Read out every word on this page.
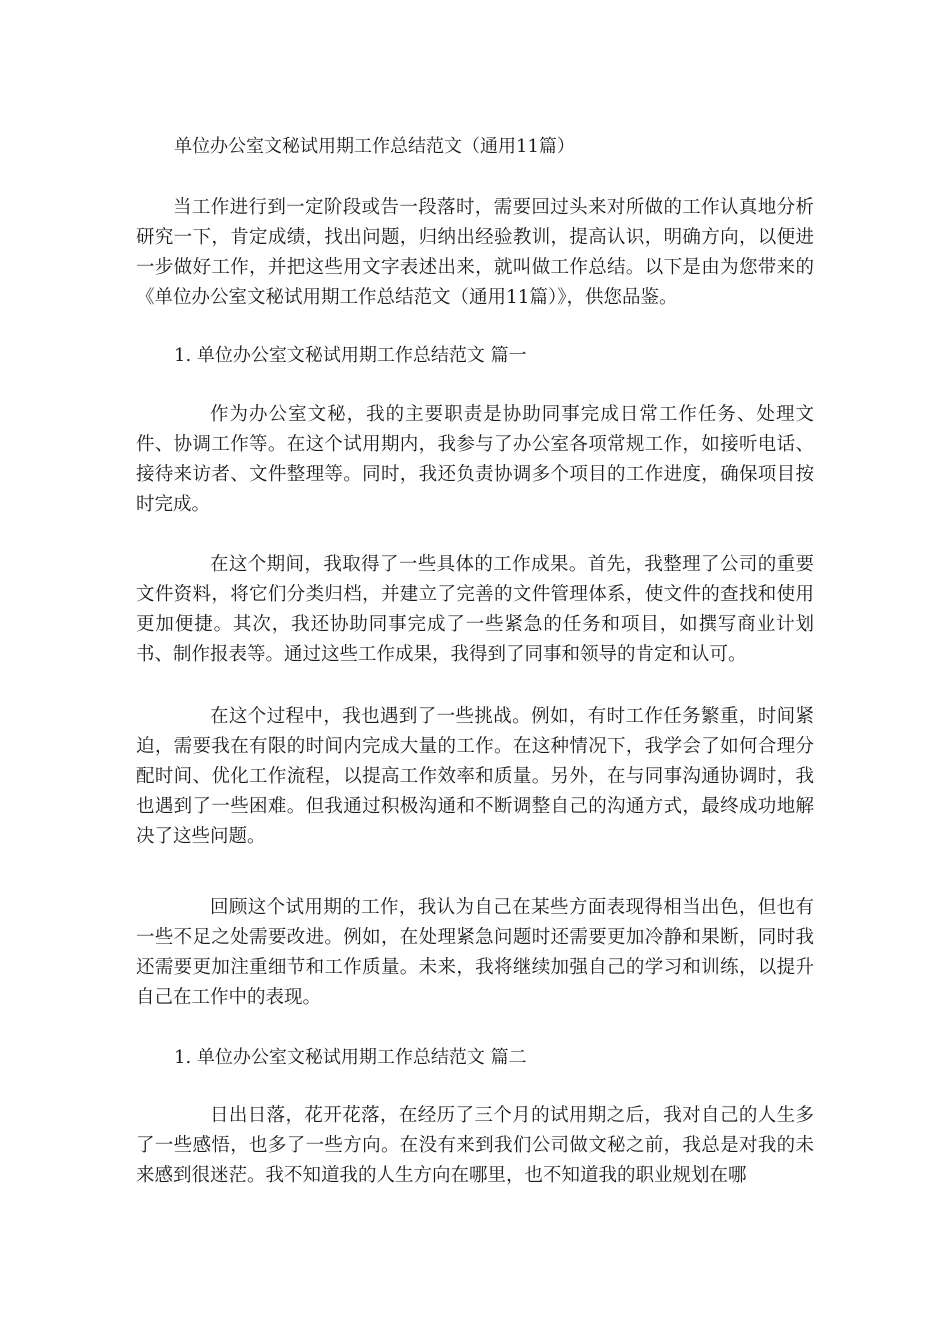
单位办公室文秘试用期工作总结范文（通用11篇）

当工作进行到一定阶段或告一段落时，需要回过头来对所做的工作认真地分析研究一下，肯定成绩，找出问题，归纳出经验教训，提高认识，明确方向，以便进一步做好工作，并把这些用文字表述出来，就叫做工作总结。以下是由为您带来的《单位办公室文秘试用期工作总结范文（通用11篇）》，供您品鉴。

1. 单位办公室文秘试用期工作总结范文 篇一

作为办公室文秘，我的主要职责是协助同事完成日常工作任务、处理文件、协调工作等。在这个试用期内，我参与了办公室各项常规工作，如接听电话、接待来访者、文件整理等。同时，我还负责协调多个项目的工作进度，确保项目按时完成。

在这个期间，我取得了一些具体的工作成果。首先，我整理了公司的重要文件资料，将它们分类归档，并建立了完善的文件管理体系，使文件的查找和使用更加便捷。其次，我还协助同事完成了一些紧急的任务和项目，如撰写商业计划书、制作报表等。通过这些工作成果，我得到了同事和领导的肯定和认可。

在这个过程中，我也遇到了一些挑战。例如，有时工作任务繁重，时间紧迫，需要我在有限的时间内完成大量的工作。在这种情况下，我学会了如何合理分配时间、优化工作流程，以提高工作效率和质量。另外，在与同事沟通协调时，我也遇到了一些困难。但我通过积极沟通和不断调整自己的沟通方式，最终成功地解决了这些问题。

回顾这个试用期的工作，我认为自己在某些方面表现得相当出色，但也有一些不足之处需要改进。例如，在处理紧急问题时还需要更加冷静和果断，同时我还需要更加注重细节和工作质量。未来，我将继续加强自己的学习和训练，以提升自己在工作中的表现。

1. 单位办公室文秘试用期工作总结范文 篇二

日出日落，花开花落，在经历了三个月的试用期之后，我对自己的人生多了一些感悟，也多了一些方向。在没有来到我们公司做文秘之前，我总是对我的未来感到很迷茫。我不知道我的人生方向在哪里，也不知道我的职业规划在哪
